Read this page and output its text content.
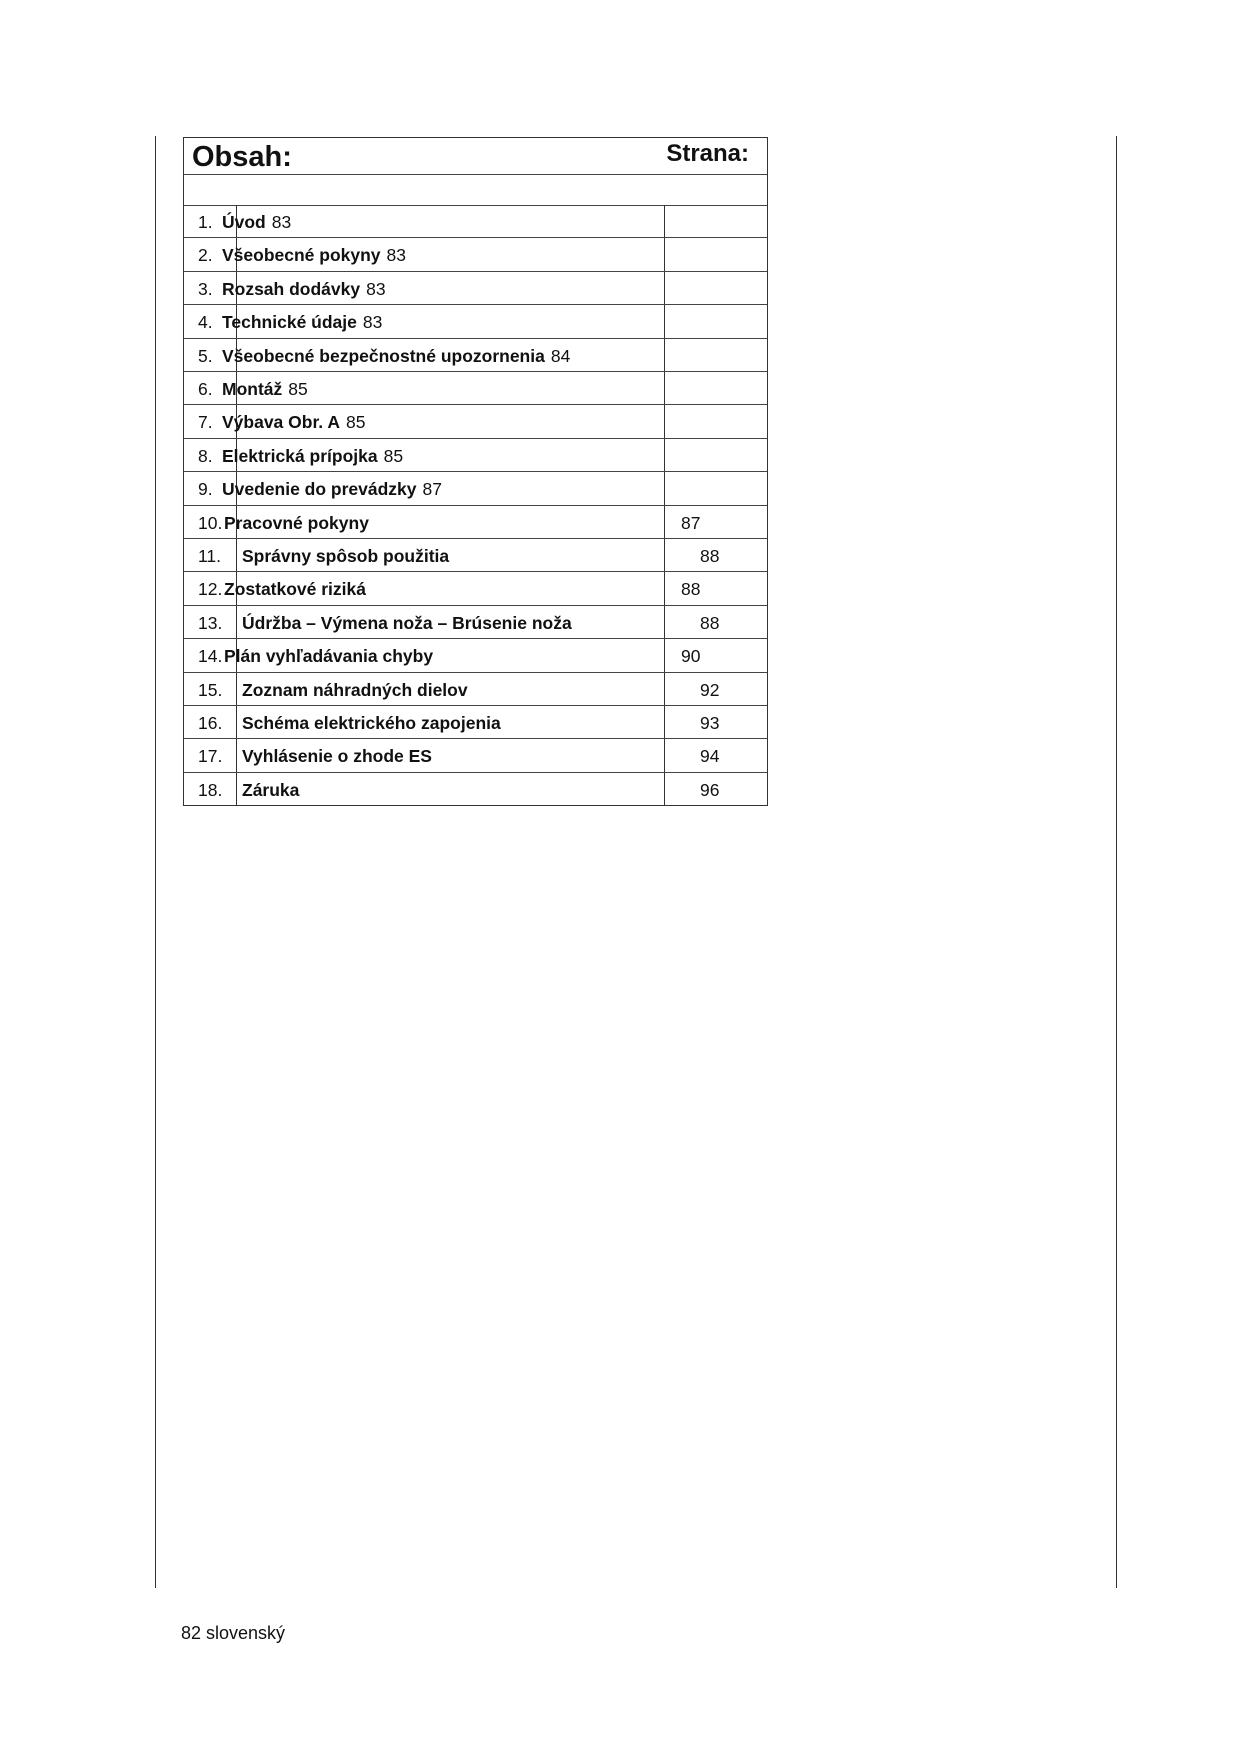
Obsah:	Strana:
1. Úvod 83
2. Všeobecné pokyny 83
3. Rozsah dodávky 83
4. Technické údaje 83
5. Všeobecné bezpečnostné upozornenia 84
6. Montáž 85
7. Výbava Obr. A 85
8. Elektrická prípojka 85
9. Uvedenie do prevádzky 87
10. Pracovné pokyny	87
11. Správny spôsob použitia	88
12. Zostatkové riziká	88
13. Údržba – Výmena noža – Brúsenie noža	88
14. Plán vyhľadávania chyby	90
15. Zoznam náhradných dielov	92
16. Schéma elektrického zapojenia	93
17. Vyhlásenie o zhode ES	94
18. Záruka	96
82 slovenský
